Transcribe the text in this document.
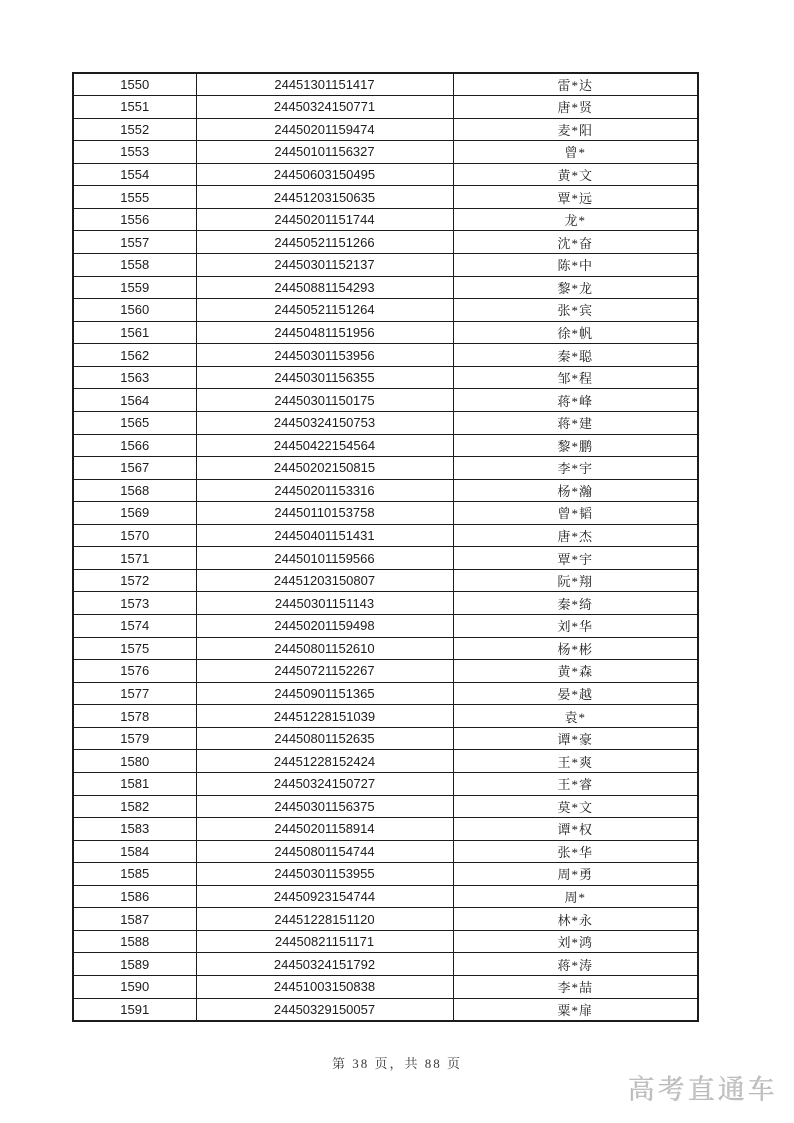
1550	24451301151417	雷*达
1551	24450324150771	唐*贤
1552	24450201159474	麦*阳
1553	24450101156327	曾*
1554	24450603150495	黄*文
1555	24451203150635	覃*远
1556	24450201151744	龙*
1557	24450521151266	沈*奋
1558	24450301152137	陈*中
1559	24450881154293	黎*龙
1560	24450521151264	张*宾
1561	24450481151956	徐*帆
1562	24450301153956	秦*聪
1563	24450301156355	邹*程
1564	24450301150175	蒋*峰
1565	24450324150753	蒋*建
1566	24450422154564	黎*鹏
1567	24450202150815	李*宇
1568	24450201153316	杨*瀚
1569	24450110153758	曾*韬
1570	24450401151431	唐*杰
1571	24450101159566	覃*宇
1572	24451203150807	阮*翔
1573	24450301151143	秦*绮
1574	24450201159498	刘*华
1575	24450801152610	杨*彬
1576	24450721152267	黄*森
1577	24450901151365	晏*越
1578	24451228151039	袁*
1579	24450801152635	谭*豪
1580	24451228152424	王*爽
1581	24450324150727	王*睿
1582	24450301156375	莫*文
1583	24450201158914	谭*权
1584	24450801154744	张*华
1585	24450301153955	周*勇
1586	24450923154744	周*
1587	24451228151120	林*永
1588	24450821151171	刘*鸿
1589	24450324151792	蒋*涛
1590	24451003150838	李*喆
1591	24450329150057	粟*扉
第 38 页，共 88 页
高考直通车
